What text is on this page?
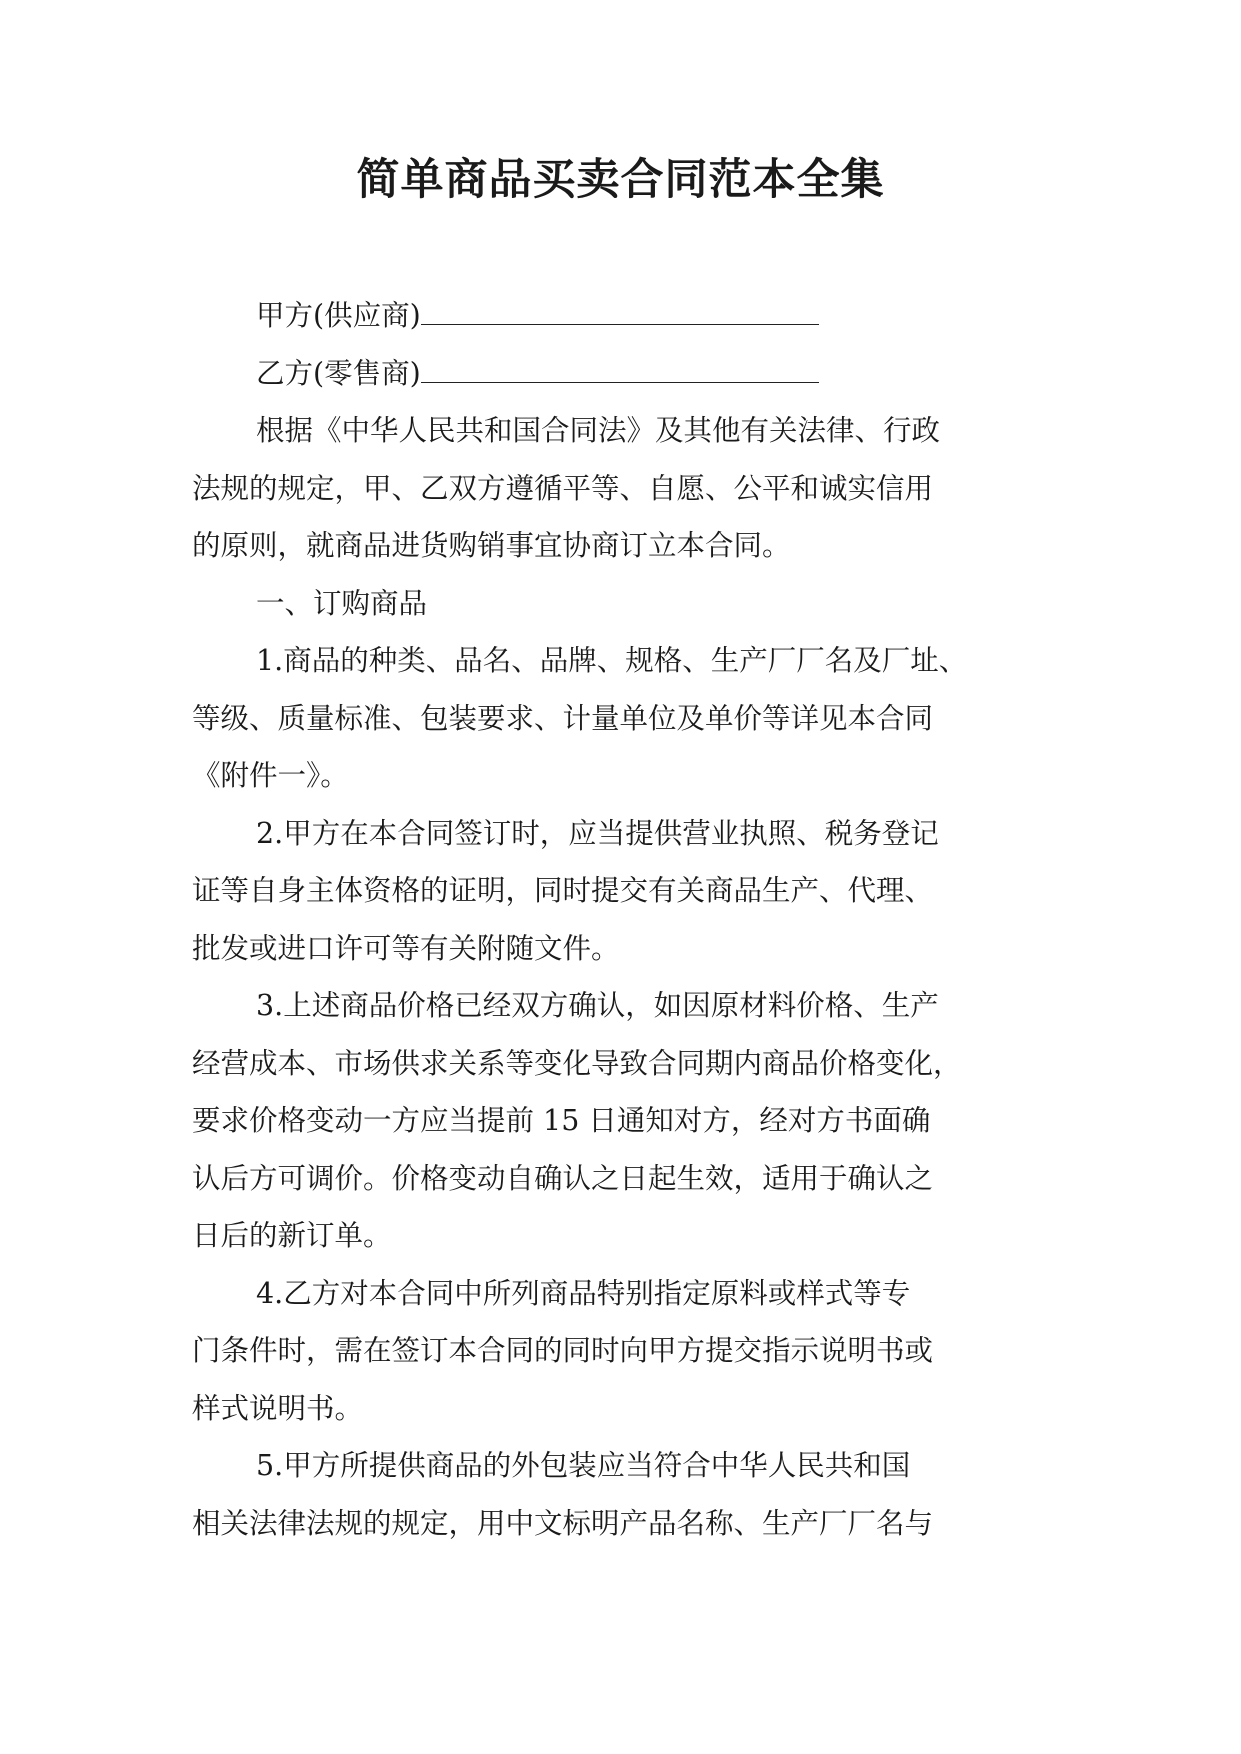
简单商品买卖合同范本全集
甲方(供应商)
乙方(零售商)
根据《中华人民共和国合同法》及其他有关法律、行政
法规的规定，甲、乙双方遵循平等、自愿、公平和诚实信用
的原则，就商品进货购销事宜协商订立本合同。
一、订购商品
1.商品的种类、品名、品牌、规格、生产厂厂名及厂址、
等级、质量标准、包装要求、计量单位及单价等详见本合同
《附件一》。
2.甲方在本合同签订时，应当提供营业执照、税务登记
证等自身主体资格的证明，同时提交有关商品生产、代理、
批发或进口许可等有关附随文件。
3.上述商品价格已经双方确认，如因原材料价格、生产
经营成本、市场供求关系等变化导致合同期内商品价格变化，
要求价格变动一方应当提前 15 日通知对方，经对方书面确
认后方可调价。价格变动自确认之日起生效，适用于确认之
日后的新订单。
4.乙方对本合同中所列商品特别指定原料或样式等专
门条件时，需在签订本合同的同时向甲方提交指示说明书或
样式说明书。
5.甲方所提供商品的外包装应当符合中华人民共和国
相关法律法规的规定，用中文标明产品名称、生产厂厂名与
